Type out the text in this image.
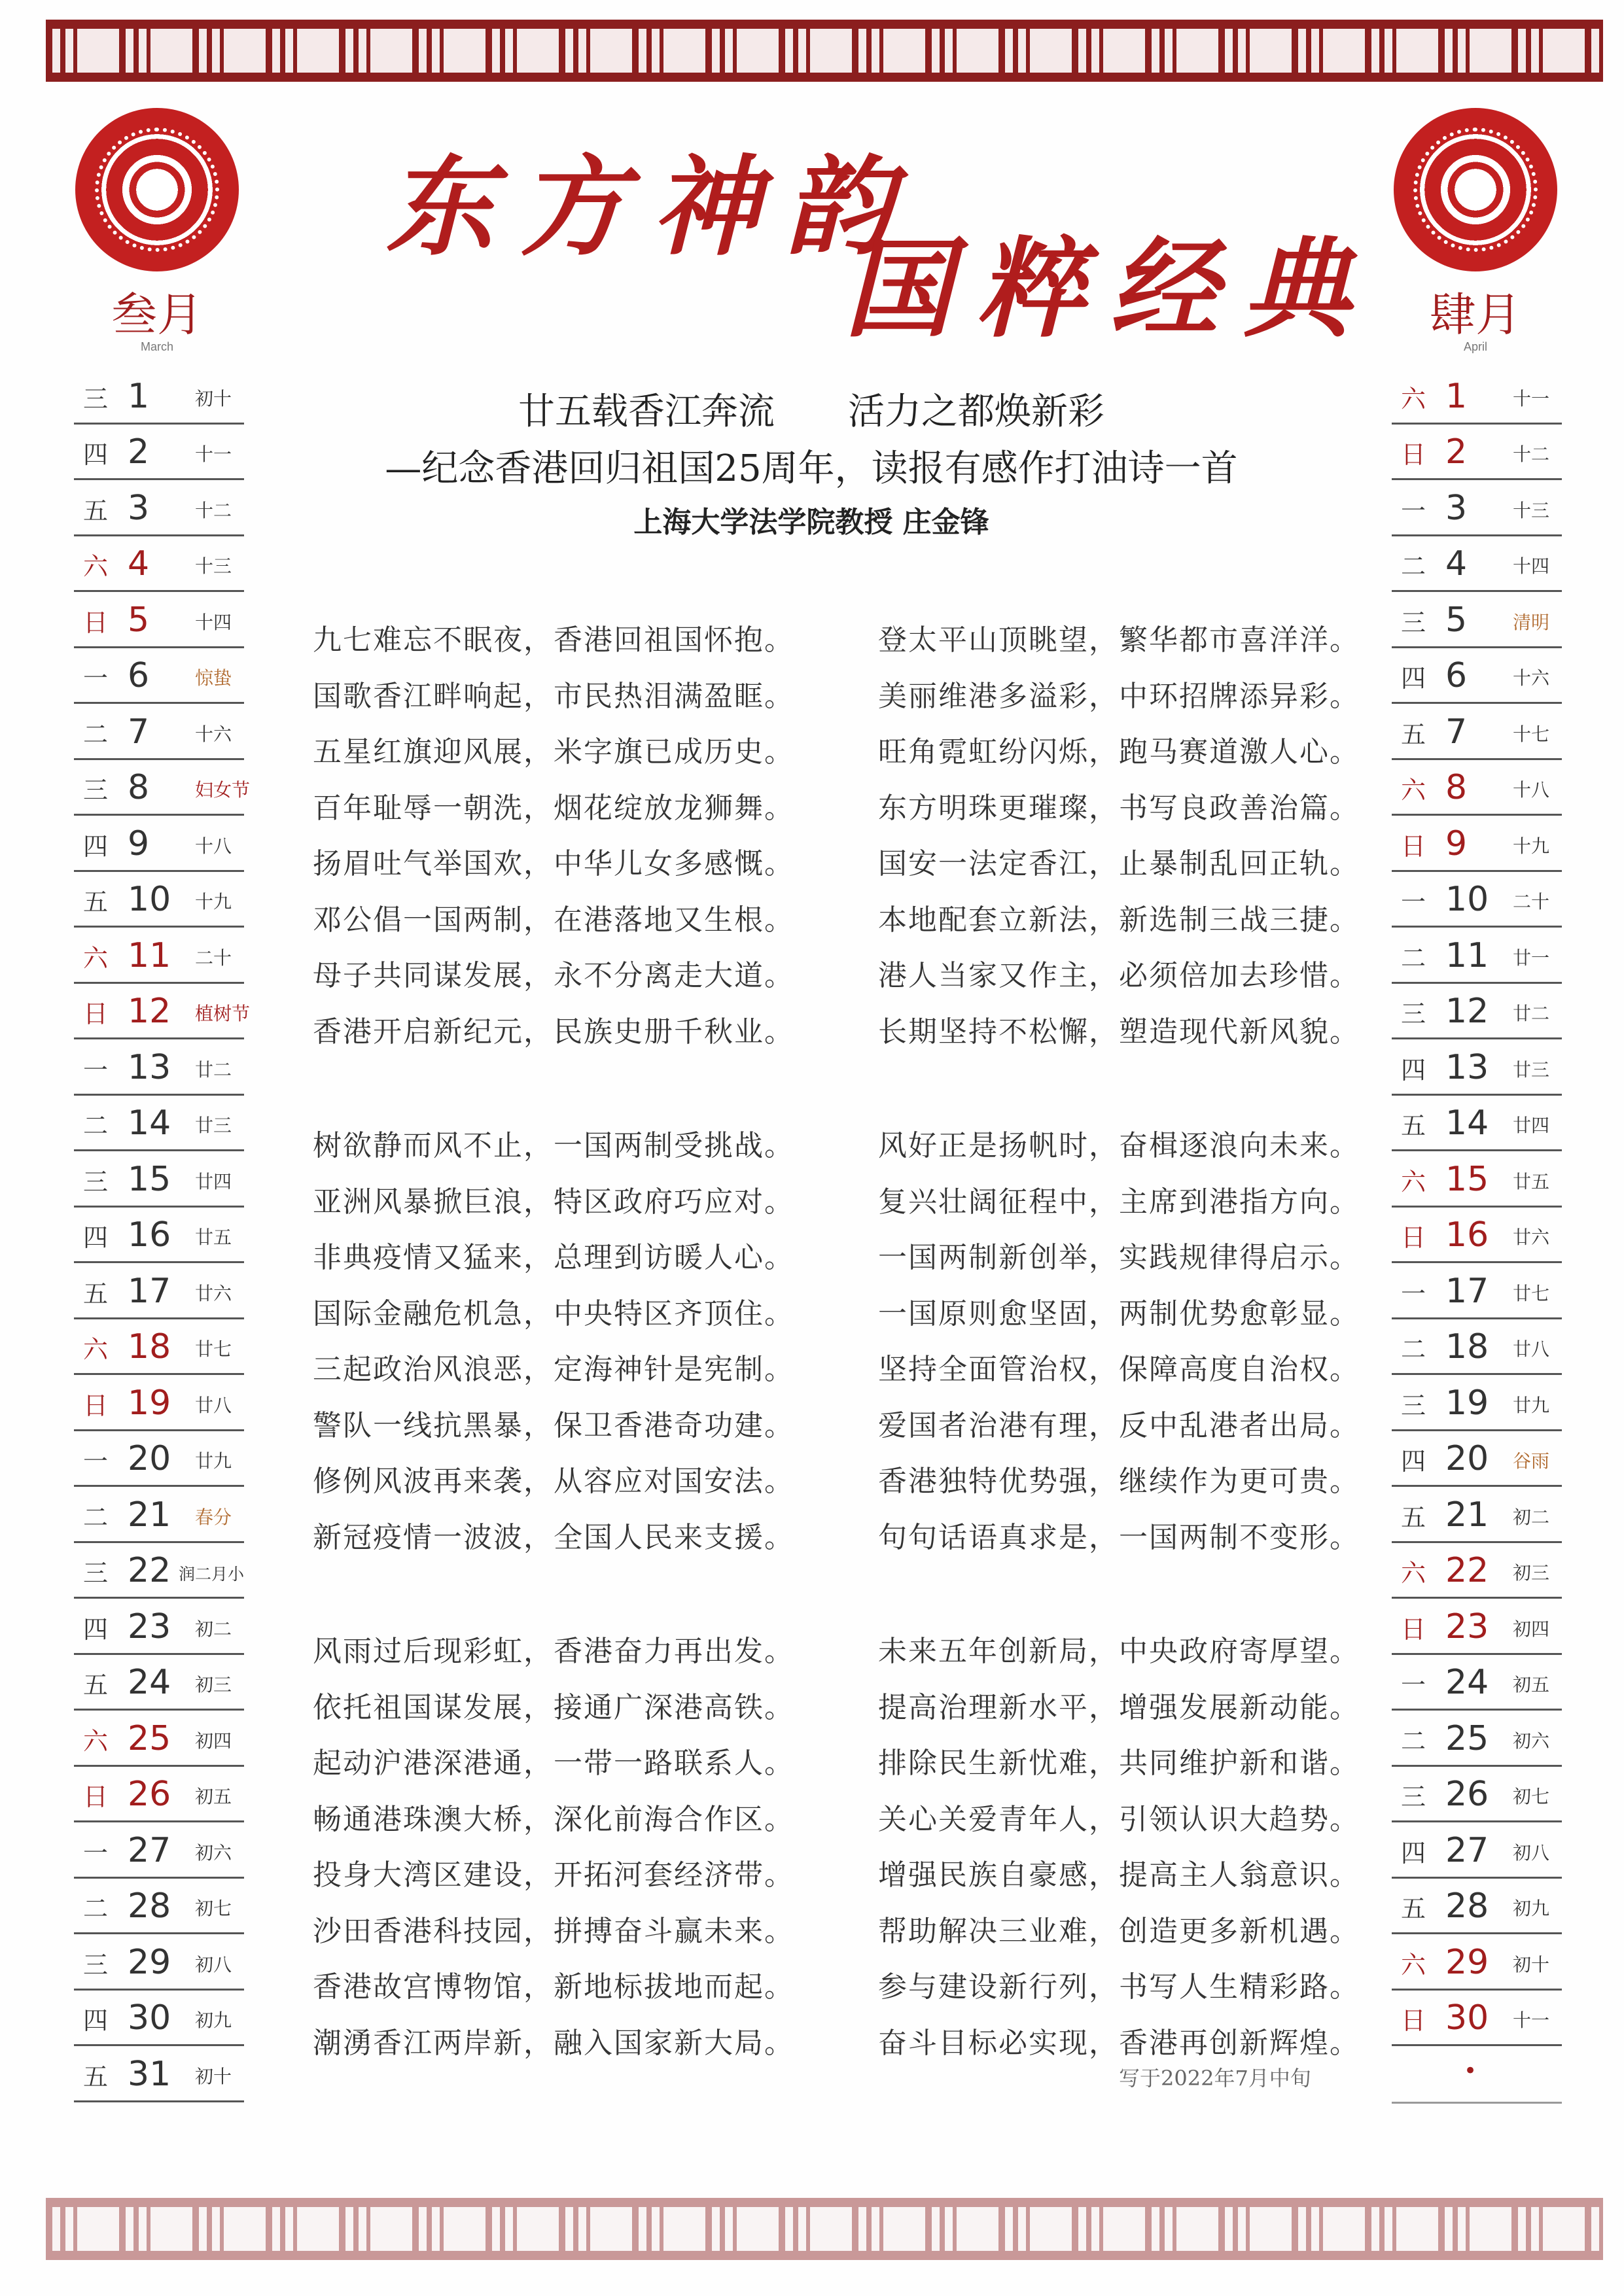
叁月
March
肆月
April
东方神韵
国粹经典
廿五载香江奔流　　活力之都焕新彩
—纪念香港回归祖国25周年，读报有感作打油诗一首
上海大学法学院教授 庄金锋
三 1 初十
四 2 十一
五 3 十二
六 4 十三
日 5 十四
一 6 惊蛰
二 7 十六
三 8 妇女节
四 9 十八
五 10 十九
六 11 二十
日 12 植树节
一 13 廿二
二 14 廿三
三 15 廿四
四 16 廿五
五 17 廿六
六 18 廿七
日 19 廿八
一 20 廿九
二 21 春分
三 22 润二月小
四 23 初二
五 24 初三
六 25 初四
日 26 初五
一 27 初六
二 28 初七
三 29 初八
四 30 初九
五 31 初十
六 1 十一
日 2 十二
一 3 十三
二 4 十四
三 5 清明
四 6 十六
五 7 十七
六 8 十八
日 9 十九
一 10 二十
二 11 廿一
三 12 廿二
四 13 廿三
五 14 廿四
六 15 廿五
日 16 廿六
一 17 廿七
二 18 廿八
三 19 廿九
四 20 谷雨
五 21 初二
六 22 初三
日 23 初四
一 24 初五
二 25 初六
三 26 初七
四 27 初八
五 28 初九
六 29 初十
日 30 十一
•
九七难忘不眠夜，香港回祖国怀抱。
国歌香江畔响起，市民热泪满盈眶。
五星红旗迎风展，米字旗已成历史。
百年耻辱一朝洗，烟花绽放龙狮舞。
扬眉吐气举国欢，中华儿女多感慨。
邓公倡一国两制，在港落地又生根。
母子共同谋发展，永不分离走大道。
香港开启新纪元，民族史册千秋业。
树欲静而风不止，一国两制受挑战。
亚洲风暴掀巨浪，特区政府巧应对。
非典疫情又猛来，总理到访暖人心。
国际金融危机急，中央特区齐顶住。
三起政治风浪恶，定海神针是宪制。
警队一线抗黑暴，保卫香港奇功建。
修例风波再来袭，从容应对国安法。
新冠疫情一波波，全国人民来支援。
风雨过后现彩虹，香港奋力再出发。
依托祖国谋发展，接通广深港高铁。
起动沪港深港通，一带一路联系人。
畅通港珠澳大桥，深化前海合作区。
投身大湾区建设，开拓河套经济带。
沙田香港科技园，拼搏奋斗赢未来。
香港故宫博物馆，新地标拔地而起。
潮湧香江两岸新，融入国家新大局。
登太平山顶眺望，繁华都市喜洋洋。
美丽维港多溢彩，中环招牌添异彩。
旺角霓虹纷闪烁，跑马赛道激人心。
东方明珠更璀璨，书写良政善治篇。
国安一法定香江，止暴制乱回正轨。
本地配套立新法，新选制三战三捷。
港人当家又作主，必须倍加去珍惜。
长期坚持不松懈，塑造现代新风貌。
风好正是扬帆时，奋楫逐浪向未来。
复兴壮阔征程中，主席到港指方向。
一国两制新创举，实践规律得启示。
一国原则愈坚固，两制优势愈彰显。
坚持全面管治权，保障高度自治权。
爱国者治港有理，反中乱港者出局。
香港独特优势强，继续作为更可贵。
句句话语真求是，一国两制不变形。
未来五年创新局，中央政府寄厚望。
提高治理新水平，增强发展新动能。
排除民生新忧难，共同维护新和谐。
关心关爱青年人，引领认识大趋势。
增强民族自豪感，提高主人翁意识。
帮助解决三业难，创造更多新机遇。
参与建设新行列，书写人生精彩路。
奋斗目标必实现，香港再创新辉煌。
写于2022年7月中旬
